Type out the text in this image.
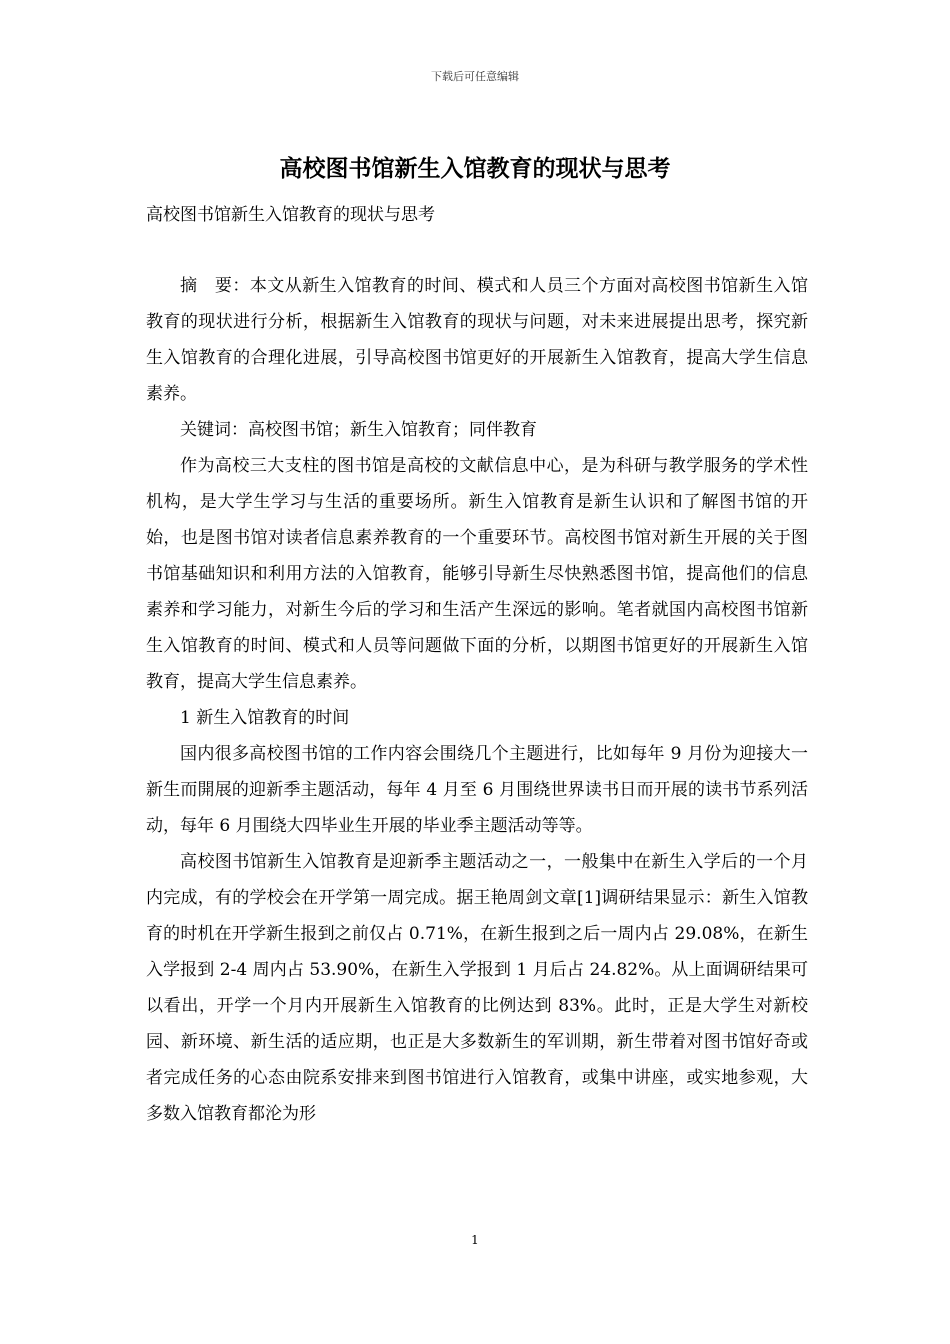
下载后可任意编辑
高校图书馆新生入馆教育的现状与思考

高校图书馆新生入馆教育的现状与思考

摘　要：本文从新生入馆教育的时间、模式和人员三个方面对高校图书馆新生入馆教育的现状进行分析，根据新生入馆教育的现状与问题，对未来进展提出思考，探究新生入馆教育的合理化进展，引导高校图书馆更好的开展新生入馆教育，提高大学生信息素养。

关键词：高校图书馆；新生入馆教育；同伴教育

作为高校三大支柱的图书馆是高校的文献信息中心，是为科研与教学服务的学术性机构，是大学生学习与生活的重要场所。新生入馆教育是新生认识和了解图书馆的开始，也是图书馆对读者信息素养教育的一个重要环节。高校图书馆对新生开展的关于图书馆基础知识和利用方法的入馆教育，能够引导新生尽快熟悉图书馆，提高他们的信息素养和学习能力，对新生今后的学习和生活产生深远的影响。笔者就国内高校图书馆新生入馆教育的时间、模式和人员等问题做下面的分析，以期图书馆更好的开展新生入馆教育，提高大学生信息素养。

1 新生入馆教育的时间

国内很多高校图书馆的工作内容会围绕几个主题进行，比如每年 9 月份为迎接大一新生而開展的迎新季主题活动，每年 4 月至 6 月围绕世界读书日而开展的读书节系列活动，每年 6 月围绕大四毕业生开展的毕业季主题活动等等。

高校图书馆新生入馆教育是迎新季主题活动之一，一般集中在新生入学后的一个月内完成，有的学校会在开学第一周完成。据王艳周剑文章[1]调研结果显示：新生入馆教育的时机在开学新生报到之前仅占 0.71%，在新生报到之后一周内占 29.08%，在新生入学报到 2-4 周内占 53.90%，在新生入学报到 1 月后占 24.82%。从上面调研结果可以看出，开学一个月内开展新生入馆教育的比例达到 83%。此时，正是大学生对新校园、新环境、新生活的适应期，也正是大多数新生的军训期，新生带着对图书馆好奇或者完成任务的心态由院系安排来到图书馆进行入馆教育，或集中讲座，或实地参观，大多数入馆教育都沦为形

1
